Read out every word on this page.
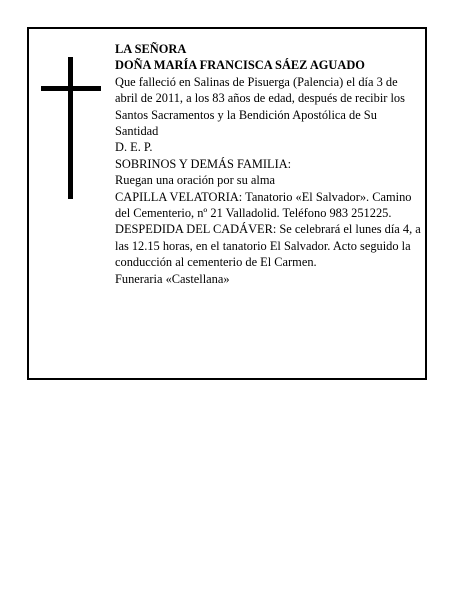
LA SEÑORA

DOÑA MARÍA FRANCISCA SÁEZ AGUADO

Que falleció en Salinas de Pisuerga (Palencia) el día 3 de abril de 2011, a los 83 años de edad, después de recibir los Santos Sacramentos y la Bendición Apostólica de Su Santidad

D. E. P.

SOBRINOS Y DEMÁS FAMILIA:

Ruegan una oración por su alma

CAPILLA VELATORIA: Tanatorio «El Salvador». Camino del Cementerio, nº 21 Valladolid. Teléfono 983 251225.

DESPEDIDA DEL CADÁVER: Se celebrará el lunes día 4, a las 12.15 horas, en el tanatorio El Salvador. Acto seguido la conducción al cementerio de El Carmen.

Funeraria «Castellana»
